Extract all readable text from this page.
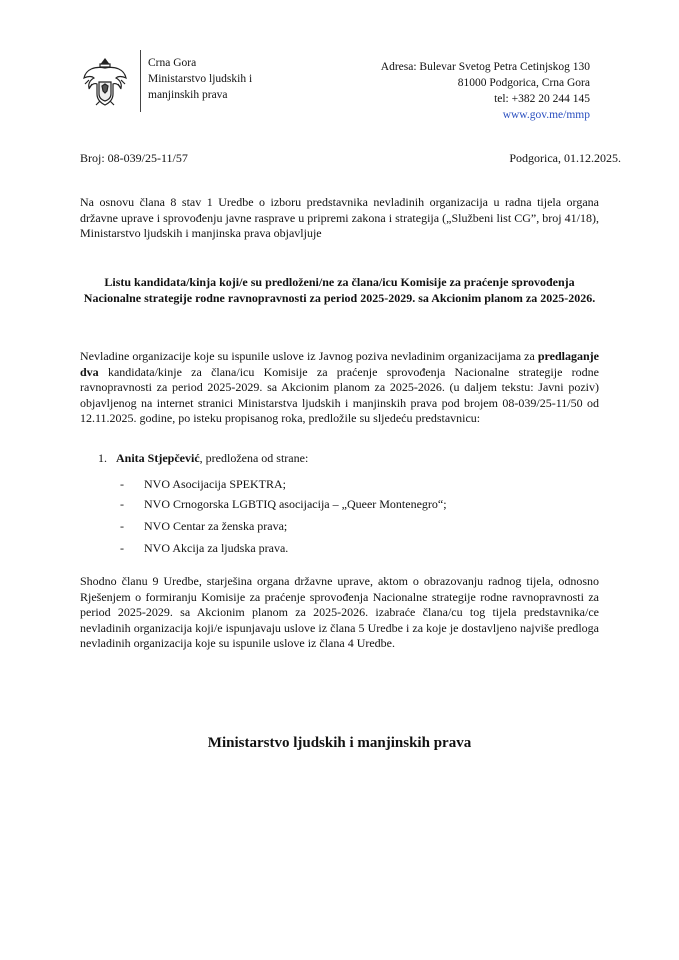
Crna Gora
Ministarstvo ljudskih i
manjinskih prava
Adresa: Bulevar Svetog Petra Cetinjskog 130
81000 Podgorica, Crna Gora
tel: +382 20 244 145
www.gov.me/mmp
Broj: 08-039/25-11/57	Podgorica, 01.12.2025.
Na osnovu člana 8 stav 1 Uredbe o izboru predstavnika nevladinih organizacija u radna tijela organa državne uprave i sprovođenju javne rasprave u pripremi zakona i strategija („Službeni list CG”, broj 41/18), Ministarstvo ljudskih i manjinska prava objavljuje
Listu kandidata/kinja koji/e su predloženi/ne za člana/icu Komisije za praćenje sprovođenja Nacionalne strategije rodne ravnopravnosti za period 2025-2029. sa Akcionim planom za 2025-2026.
Nevladine organizacije koje su ispunile uslove iz Javnog poziva nevladinim organizacijama za predlaganje dva kandidata/kinje za člana/icu Komisije za praćenje sprovođenja Nacionalne strategije rodne ravnopravnosti za period 2025-2029. sa Akcionim planom za 2025-2026. (u daljem tekstu: Javni poziv) objavljenog na internet stranici Ministarstva ljudskih i manjinskih prava pod brojem 08-039/25-11/50 od 12.11.2025. godine, po isteku propisanog roka, predložile su sljedeću predstavnicu:
1. Anita Stjepčević, predložena od strane:
- NVO Asocijacija SPEKTRA;
- NVO Crnogorska LGBTIQ asocijacija – „Queer Montenegro“;
- NVO Centar za ženska prava;
- NVO Akcija za ljudska prava.
Shodno članu 9 Uredbe, starješina organa državne uprave, aktom o obrazovanju radnog tijela, odnosno Rješenjem o formiranju Komisije za praćenje sprovođenja Nacionalne strategije rodne ravnopravnosti za period 2025-2029. sa Akcionim planom za 2025-2026. izabraće člana/cu tog tijela predstavnika/ce nevladinih organizacija koji/e ispunjavaju uslove iz člana 5 Uredbe i za koje je dostavljeno najviše predloga nevladinih organizacija koje su ispunile uslove iz člana 4 Uredbe.
Ministarstvo ljudskih i manjinskih prava
